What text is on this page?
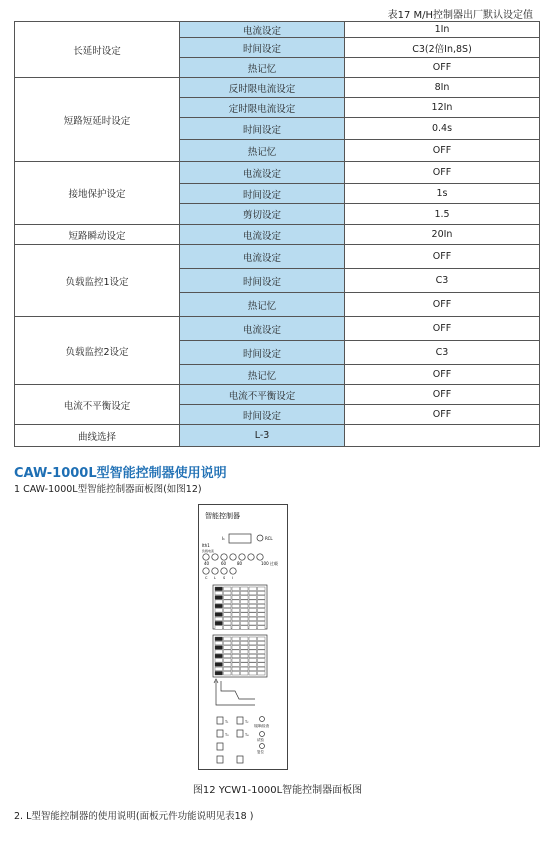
表17 M/H控制器出厂默认设定值
长延时设定	电流设定	1In
	时间设定	C3(2倍In,8S)
	热记忆	OFF
短路短延时设定	反时限电流设定	8In
	定时限电流设定	12In
	时间设定	0.4s
	热记忆	OFF
接地保护设定	电流设定	OFF
	时间设定	1s
	剪切设定	1.5
短路瞬动设定	电流设定	20In
负载监控1设定	电流设定	OFF
	时间设定	C3
	热记忆	OFF
负载监控2设定	电流设定	OFF
	时间设定	C3
	热记忆	OFF
电流不平衡设定	电流不平衡设定	OFF
	时间设定	OFF
曲线选择	L-3	
CAW-1000L型智能控制器使用说明
1 CAW-1000L型智能控制器面板图(如图12)
智能控制器
I₁	RCL
Ith1
负载电流
40	60	80	100 过载
C L S I
T₁	T₂
T₃	T₄
故障/检查
试验
复位
图12 YCW1-1000L智能控制器面板图
2. L型智能控制器的使用说明(面板元件功能说明见表18 )
